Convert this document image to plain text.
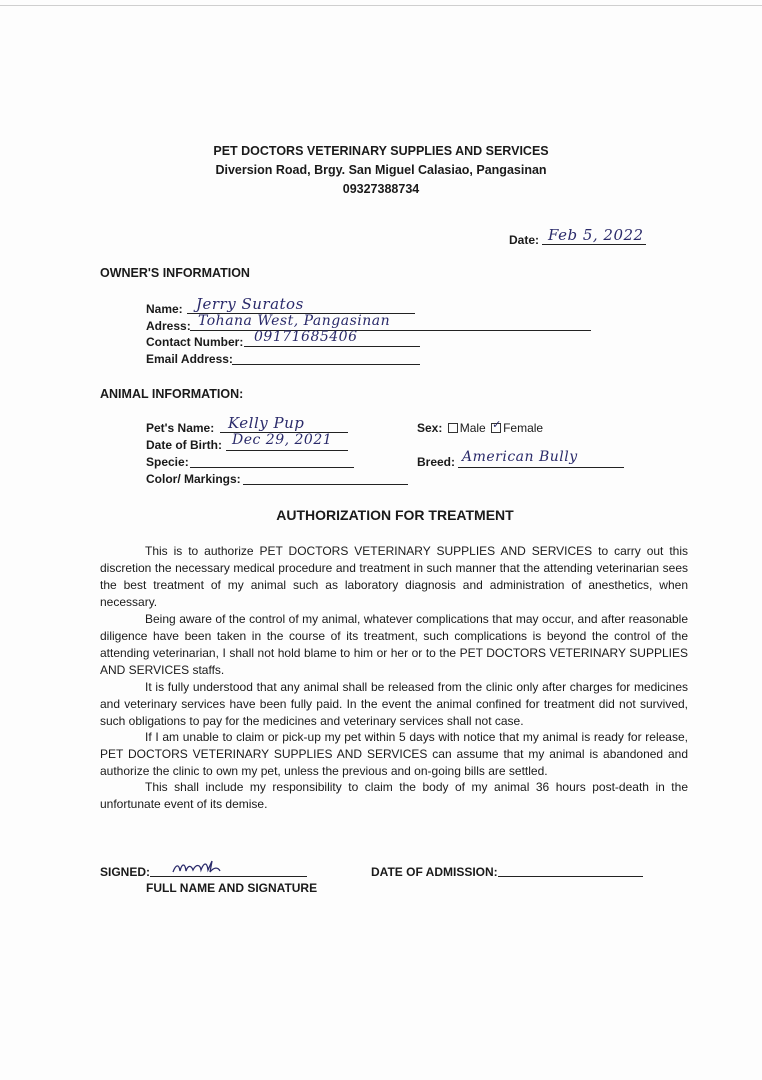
PET DOCTORS VETERINARY SUPPLIES AND SERVICES
Diversion Road, Brgy. San Miguel Calasiao, Pangasinan
09327388734
Date: Feb 5, 2022
OWNER'S INFORMATION
Name: Jerry Suratos
Adress: Tohana West, Pangasinan
Contact Number: 09171685406
Email Address:
ANIMAL INFORMATION:
Pet's Name: Kelly Pup
Date of Birth: Dec 29, 2021
Specie:
Color/ Markings:
Sex: Male ✓ Female
Breed: American Bully
AUTHORIZATION FOR TREATMENT

This is to authorize PET DOCTORS VETERINARY SUPPLIES AND SERVICES to carry out this discretion the necessary medical procedure and treatment in such manner that the attending veterinarian sees the best treatment of my animal such as laboratory diagnosis and administration of anesthetics, when necessary.

Being aware of the control of my animal, whatever complications that may occur, and after reasonable diligence have been taken in the course of its treatment, such complications is beyond the control of the attending veterinarian, I shall not hold blame to him or her or to the PET DOCTORS VETERINARY SUPPLIES AND SERVICES staffs.

It is fully understood that any animal shall be released from the clinic only after charges for medicines and veterinary services have been fully paid. In the event the animal confined for treatment did not survived, such obligations to pay for the medicines and veterinary services shall not case.

If I am unable to claim or pick-up my pet within 5 days with notice that my animal is ready for release, PET DOCTORS VETERINARY SUPPLIES AND SERVICES can assume that my animal is abandoned and authorize the clinic to own my pet, unless the previous and on-going bills are settled.

This shall include my responsibility to claim the body of my animal 36 hours post-death in the unfortunate event of its demise.

SIGNED:
FULL NAME AND SIGNATURE
DATE OF ADMISSION:
